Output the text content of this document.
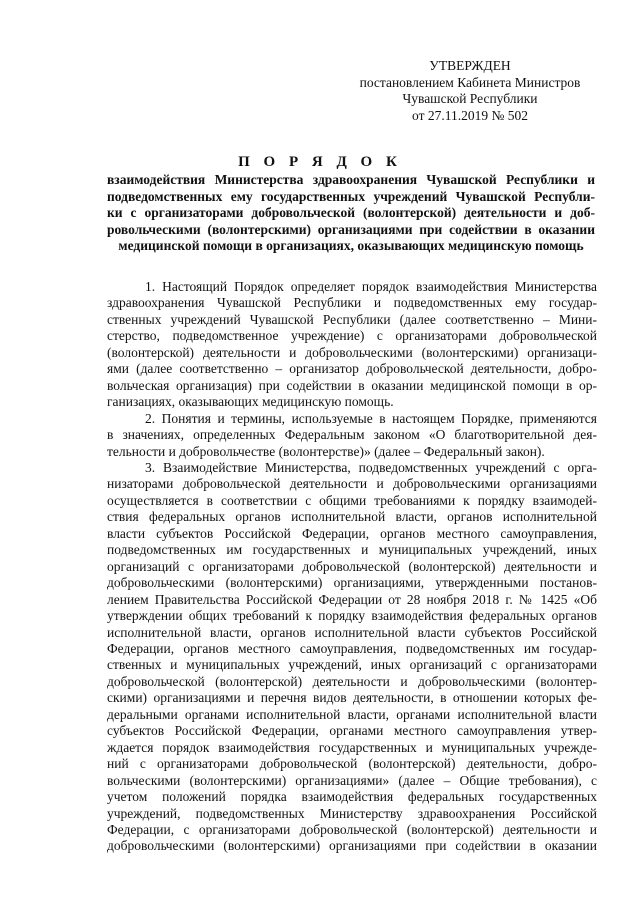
УТВЕРЖДЕН
постановлением Кабинета Министров
Чувашской Республики
от 27.11.2019 № 502
П О Р Я Д О К
взаимодействия Министерства здравоохранения Чувашской Республики и
подведомственных ему государственных учреждений Чувашской Республи-
ки с организаторами добровольческой (волонтерской) деятельности и доб-
ровольческими (волонтерскими) организациями при содействии в оказании
медицинской помощи в организациях, оказывающих медицинскую помощь
1. Настоящий Порядок определяет порядок взаимодействия Министерства
здравоохранения Чувашской Республики и подведомственных ему государ-
ственных учреждений Чувашской Республики (далее соответственно – Мини-
стерство, подведомственное учреждение) с организаторами добровольческой
(волонтерской) деятельности и добровольческими (волонтерскими) организаци-
ями (далее соответственно – организатор добровольческой деятельности, добро-
вольческая организация) при содействии в оказании медицинской помощи в ор-
ганизациях, оказывающих медицинскую помощь.
2. Понятия и термины, используемые в настоящем Порядке, применяются
в значениях, определенных Федеральным законом «О благотворительной дея-
тельности и добровольчестве (волонтерстве)» (далее – Федеральный закон).
3. Взаимодействие Министерства, подведомственных учреждений с орга-
низаторами добровольческой деятельности и добровольческими организациями
осуществляется в соответствии с общими требованиями к порядку взаимодей-
ствия федеральных органов исполнительной власти, органов исполнительной
власти субъектов Российской Федерации, органов местного самоуправления,
подведомственных им государственных и муниципальных учреждений, иных
организаций с организаторами добровольческой (волонтерской) деятельности и
добровольческими (волонтерскими) организациями, утвержденными постанов-
лением Правительства Российской Федерации от 28 ноября 2018 г. № 1425 «Об
утверждении общих требований к порядку взаимодействия федеральных органов
исполнительной власти, органов исполнительной власти субъектов Российской
Федерации, органов местного самоуправления, подведомственных им государ-
ственных и муниципальных учреждений, иных организаций с организаторами
добровольческой (волонтерской) деятельности и добровольческими (волонтер-
скими) организациями и перечня видов деятельности, в отношении которых фе-
деральными органами исполнительной власти, органами исполнительной власти
субъектов Российской Федерации, органами местного самоуправления утвер-
ждается порядок взаимодействия государственных и муниципальных учрежде-
ний с организаторами добровольческой (волонтерской) деятельности, добро-
вольческими (волонтерскими) организациями» (далее – Общие требования), с
учетом положений порядка взаимодействия федеральных государственных
учреждений, подведомственных Министерству здравоохранения Российской
Федерации, с организаторами добровольческой (волонтерской) деятельности и
добровольческими (волонтерскими) организациями при содействии в оказании
